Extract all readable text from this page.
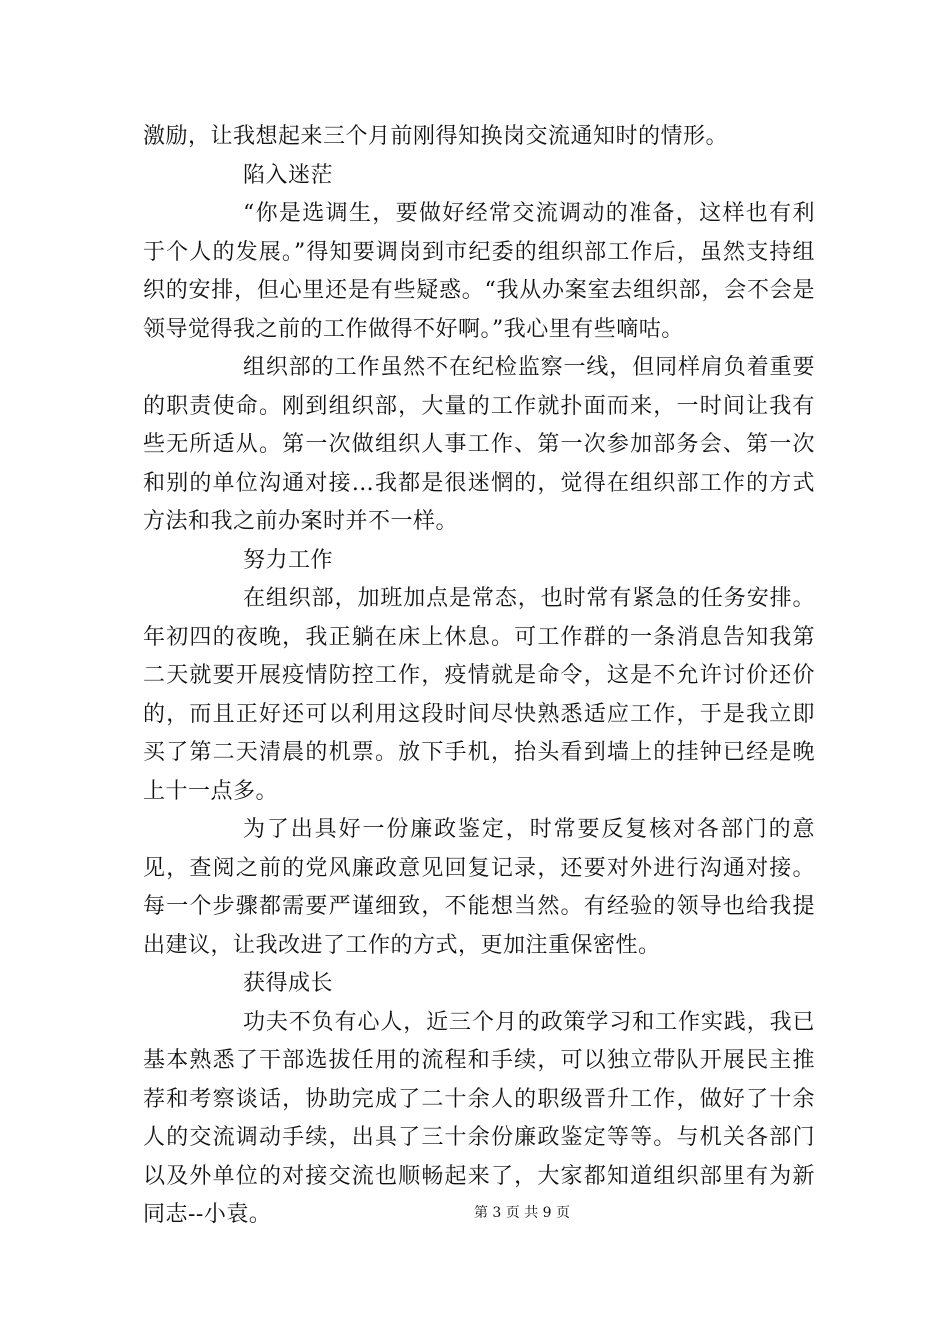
激励，让我想起来三个月前刚得知换岗交流通知时的情形。

陷入迷茫

“你是选调生，要做好经常交流调动的准备，这样也有利于个人的发展。”得知要调岗到市纪委的组织部工作后，虽然支持组织的安排，但心里还是有些疑惑。“我从办案室去组织部，会不会是领导觉得我之前的工作做得不好啊。”我心里有些嘀咕。

组织部的工作虽然不在纪检监察一线，但同样肩负着重要的职责使命。刚到组织部，大量的工作就扑面而来，一时间让我有些无所适从。第一次做组织人事工作、第一次参加部务会、第一次和别的单位沟通对接…我都是很迷惘的，觉得在组织部工作的方式方法和我之前办案时并不一样。

努力工作

在组织部，加班加点是常态，也时常有紧急的任务安排。年初四的夜晚，我正躺在床上休息。可工作群的一条消息告知我第二天就要开展疫情防控工作，疫情就是命令，这是不允许讨价还价的，而且正好还可以利用这段时间尽快熟悉适应工作，于是我立即买了第二天清晨的机票。放下手机，抬头看到墙上的挂钟已经是晚上十一点多。

为了出具好一份廉政鉴定，时常要反复核对各部门的意见，查阅之前的党风廉政意见回复记录，还要对外进行沟通对接。每一个步骤都需要严谨细致，不能想当然。有经验的领导也给我提出建议，让我改进了工作的方式，更加注重保密性。

获得成长

功夫不负有心人，近三个月的政策学习和工作实践，我已基本熟悉了干部选拔任用的流程和手续，可以独立带队开展民主推荐和考察谈话，协助完成了二十余人的职级晋升工作，做好了十余人的交流调动手续，出具了三十余份廉政鉴定等等。与机关各部门以及外单位的对接交流也顺畅起来了，大家都知道组织部里有为新同志--小袁。	第 3 页 共 9 页
